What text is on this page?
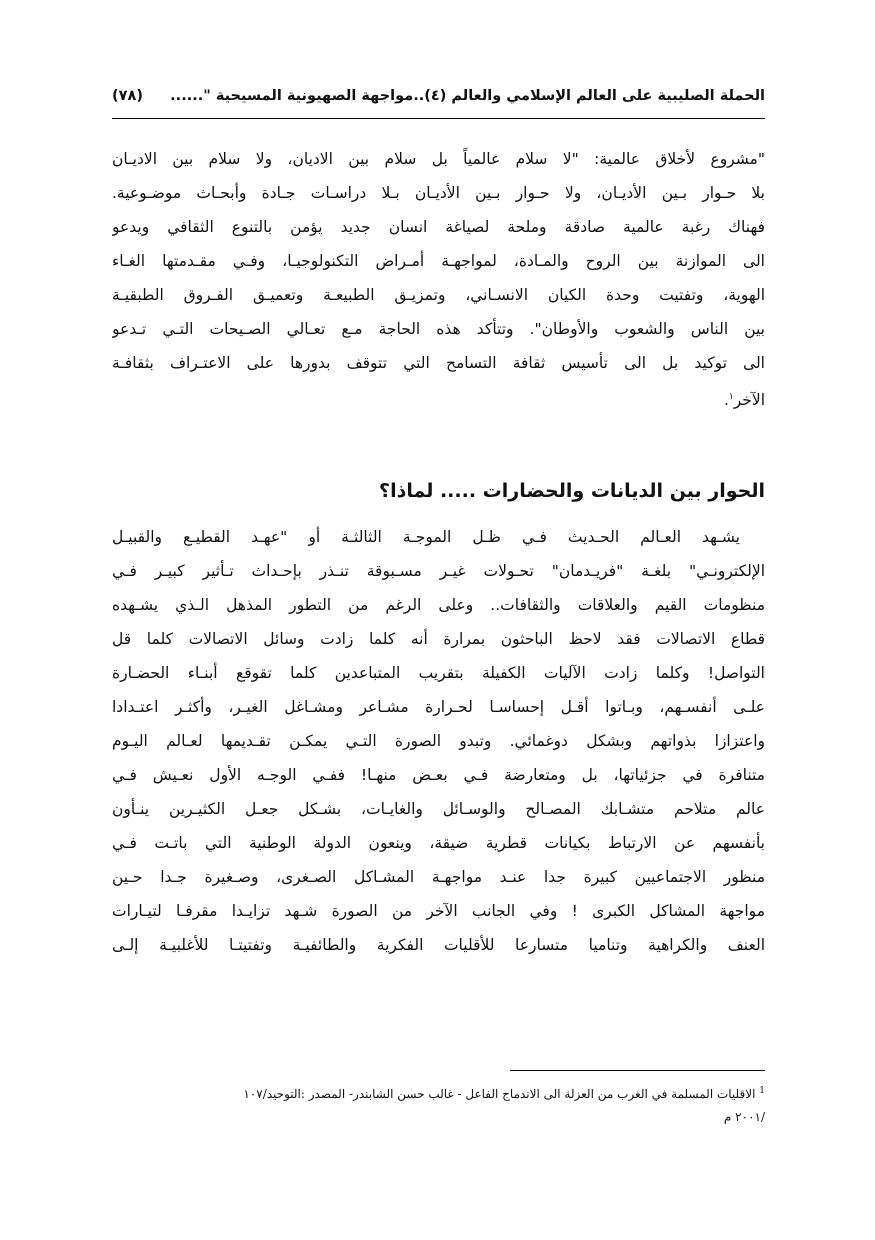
الحملة الصليبية على العالم الإسلامي والعالم (٤)..مواجهة الصهيونية المسيحية "......
(٧٨)
"مشروع لأخلاق عالمية: "لا سلام عالمياً بل سلام بين الاديان، ولا سلام بين الاديـان
بلا حـوار بـين الأديـان، ولا حـوار بـين الأديـان بـلا دراسـات جـادة وأبحـاث موضـوعية.
فهناك رغبة عالمية صادقة وملحة لصياغة انسان جديد يؤمن بالتنوع الثقافي ويدعو
الى الموازنة بين الروح والمـادة، لمواجهـة أمـراض التكنولوجيـا، وفـي مقـدمتها الغـاء
الهوية، وتفتيت وحدة الكيان الانسـاني، وتمزيـق الطبيعـة وتعميـق الفـروق الطبقيـة
بين الناس والشعوب والأوطان". وتتأكد هذه الحاجة مـع تعـالي الصـيحات التـي تـدعو
الى توكيد بل الى تأسيس ثقافة التسامح التي تتوقف بدورها على الاعتـراف بثقافـة
الآخر$^١$.
الحوار بين الديانات والحضارات ..... لماذا؟
يشـهد العـالم الحـديث فـي ظـل الموجـة الثالثـة أو "عهـد القطيـع والقبيـل
الإلكترونـي" بلغـة "فريـدمان" تحـولات غيـر مسـبوقة تنـذر بإحـداث تـأثير كبيـر فـي
منظومات القيم والعلاقات والثقافات.. وعلى الرغم من التطور المذهل الـذي يشـهده
قطاع الاتصالات فقد لاحظ الباحثون بمرارة أنه كلما زادت وسائل الاتصالات كلما قل
التواصل! وكلما زادت الآليات الكفيلة بتقريب المتباعدين كلما تقوقع أبنـاء الحضـارة
علـى أنفسـهم، وبـاتوا أقـل إحساسـا لحـرارة مشـاعر ومشـاغل الغيـر، وأكثـر اعتـدادا
واعتزازا بذواتهم وبشكل دوغمائي. وتبدو الصورة التـي يمكـن تقـديمها لعـالم اليـوم
متنافرة في جزئياتها، بل ومتعارضة فـي بعـض منهـا! ففـي الوجـه الأول نعـيش فـي
عالم متلاحم متشـابك المصـالح والوسـائل والغايـات، بشـكل جعـل الكثيـرين ينـأون
بأنفسهم عن الارتباط بكيانات قطرية ضيقة، وينعون الدولة الوطنية التي باتـت فـي
منظور الاجتماعيين كبيرة جدا عنـد مواجهـة المشـاكل الصـغرى، وصـغيرة جـدا حـين
مواجهة المشاكل الكبرى ! وفي الجانب الآخر من الصورة شـهد تزايـدا مقرفـا لتيـارات
العنف والكراهية وتناميا متسارعا للأقليات الفكرية والطائفيـة وتفتيتـا للأغلبيـة إلـى
$^1$ الاقليات المسلمة في الغرب من العزلة الى الاندماج الفاعل - غالب حسن الشابندر- المصدر :التوحيد/١٠٧
/٢٠٠١ م
